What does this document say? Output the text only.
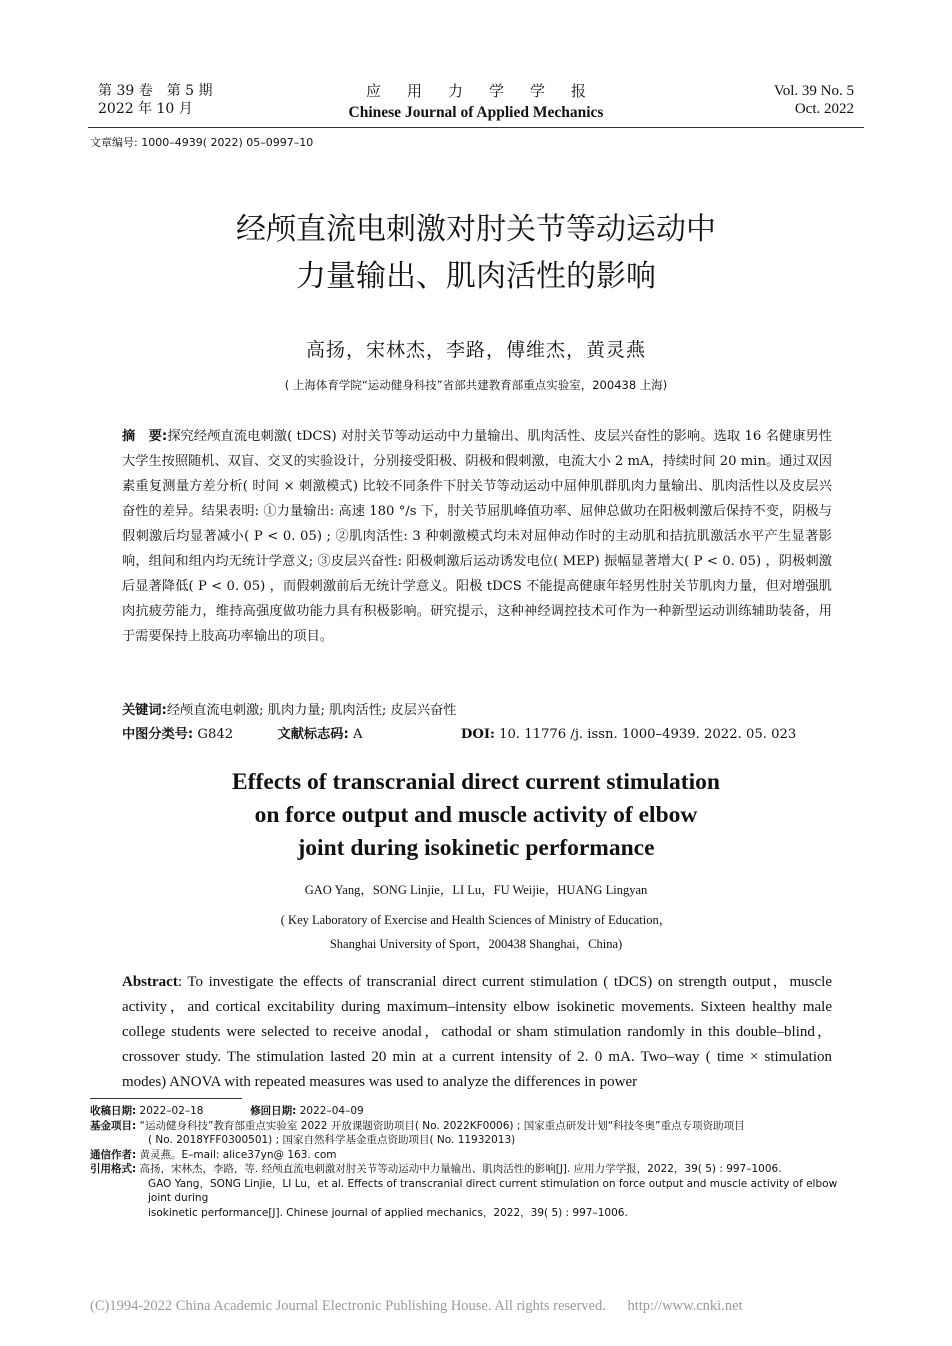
第 39 卷　第 5 期
2022 年 10 月
应用力学学报
Chinese Journal of Applied Mechanics
Vol. 39 No. 5
Oct. 2022
文章编号: 1000–4939( 2022) 05–0997–10
经颅直流电刺激对肘关节等动运动中
力量输出、肌肉活性的影响
高扬，宋林杰，李路，傅维杰，黄灵燕
( 上海体育学院“运动健身科技”省部共建教育部重点实验室，200438 上海)
摘　要:探究经颅直流电刺激( tDCS) 对肘关节等动运动中力量输出、肌肉活性、皮层兴奋性的影响。选取 16 名健康男性大学生按照随机、双盲、交叉的实验设计，分别接受阳极、阴极和假刺激，电流大小 2 mA，持续时间 20 min。通过双因素重复测量方差分析( 时间 × 刺激模式) 比较不同条件下肘关节等动运动中屈伸肌群肌肉力量输出、肌肉活性以及皮层兴奋性的差异。结果表明: ①力量输出: 高速 180 °/s 下，肘关节屈肌峰值功率、屈伸总做功在阳极刺激后保持不变，阴极与假刺激后均显著减小( P < 0. 05) ; ②肌肉活性: 3 种刺激模式均未对屈伸动作时的主动肌和拮抗肌激活水平产生显著影响，组间和组内均无统计学意义; ③皮层兴奋性: 阳极刺激后运动诱发电位( MEP) 振幅显著增大( P < 0. 05) ，阴极刺激后显著降低( P < 0. 05) ，而假刺激前后无统计学意义。阳极 tDCS 不能提高健康年轻男性肘关节肌肉力量，但对增强肌肉抗疲劳能力，维持高强度做功能力具有积极影响。研究提示，这种神经调控技术可作为一种新型运动训练辅助装备，用于需要保持上肢高功率输出的项目。
关键词:经颅直流电刺激; 肌肉力量; 肌肉活性; 皮层兴奋性
中图分类号: G842	文献标志码: A	DOI: 10. 11776 /j. issn. 1000–4939. 2022. 05. 023
Effects of transcranial direct current stimulation
on force output and muscle activity of elbow
joint during isokinetic performance
GAO Yang，SONG Linjie，LI Lu，FU Weijie，HUANG Lingyan
( Key Laboratory of Exercise and Health Sciences of Ministry of Education，
Shanghai University of Sport，200438 Shanghai，China)
Abstract: To investigate the effects of transcranial direct current stimulation ( tDCS) on strength output，muscle activity，and cortical excitability during maximum–intensity elbow isokinetic movements. Sixteen healthy male college students were selected to receive anodal，cathodal or sham stimulation randomly in this double–blind，crossover study. The stimulation lasted 20 min at a current intensity of 2. 0 mA. Two–way ( time × stimulation modes) ANOVA with repeated measures was used to analyze the differences in power
收稿日期: 2022–02–18	修回日期: 2022–04–09
基金项目: “运动健身科技”教育部重点实验室 2022 开放课题资助项目( No. 2022KF0006) ; 国家重点研发计划“科技冬奥”重点专项资助项目
( No. 2018YFF0300501) ; 国家自然科学基金重点资助项目( No. 11932013)
通信作者: 黄灵燕。E–mail: alice37yn@ 163. com
引用格式: 高扬，宋林杰，李路，等. 经颅直流电刺激对肘关节等动运动中力量输出、肌肉活性的影响[J]. 应用力学学报，2022，39( 5) : 997–1006.
GAO Yang，SONG Linjie，LI Lu，et al. Effects of transcranial direct current stimulation on force output and muscle activity of elbow joint during
isokinetic performance[J]. Chinese journal of applied mechanics，2022，39( 5) : 997–1006.
(C)1994-2022 China Academic Journal Electronic Publishing House. All rights reserved. http://www.cnki.net
